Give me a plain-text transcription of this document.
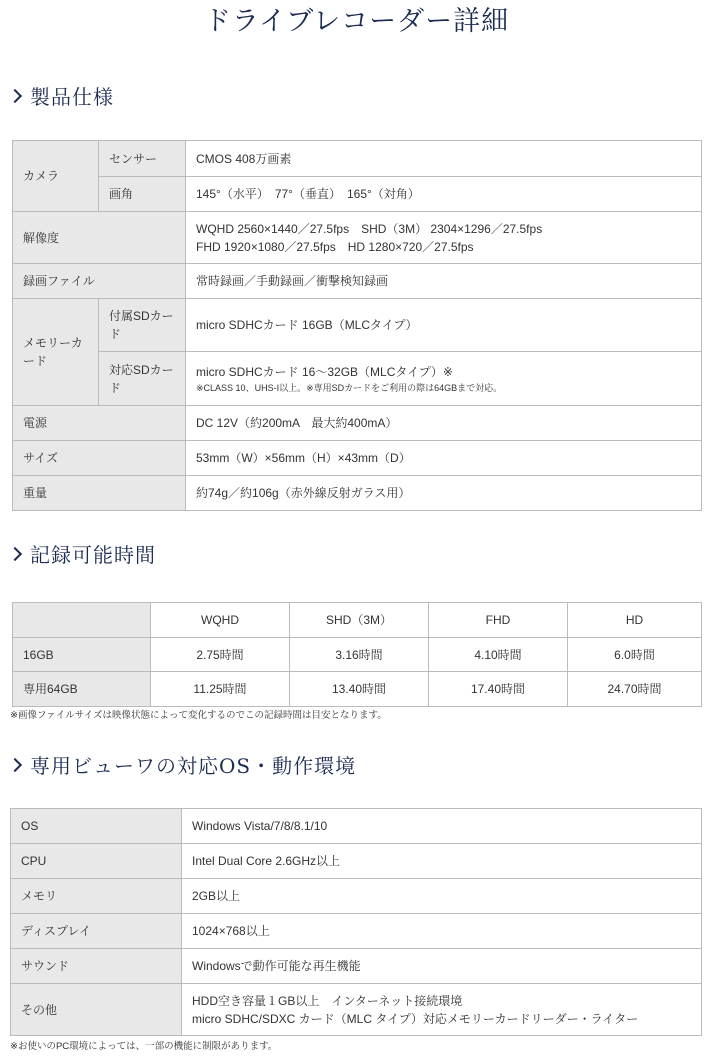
ドライブレコーダー詳細
製品仕様
カメラ	センサー	CMOS 408万画素
	画角	145°（水平）　77°（垂直）　165°（対角）
解像度		WQHD 2560×1440／27.5fps　SHD（3M） 2304×1296／27.5fps
FHD 1920×1080／27.5fps　HD 1280×720／27.5fps

録画ファイル		常時録画／手動録画／衝撃検知録画
メモリーカード	付属SDカード	micro SDHCカード 16GB（MLCタイプ）
	対応SDカード	micro SDHCカード 16～32GB（MLCタイプ）※
※CLASS 10、UHS-I以上。※専用SDカードをご利用の際は64GBまで対応。

電源		DC 12V（約200mA　最大約400mA）
サイズ		53mm（W）×56mm（H）×43mm（D）
重量		約74g／約106g（赤外線反射ガラス用）
記録可能時間
	WQHD	SHD（3M）	FHD	HD
16GB	2.75時間	3.16時間	4.10時間	6.0時間
専用64GB	11.25時間	13.40時間	17.40時間	24.70時間
※画像ファイルサイズは映像状態によって変化するのでこの記録時間は目安となります。
専用ビューワの対応OS・動作環境
OS	Windows Vista/7/8/8.1/10
CPU	Intel Dual Core 2.6GHz以上
メモリ	2GB以上
ディスプレイ	1024×768以上
サウンド	Windowsで動作可能な再生機能
その他	HDD空き容量１GB以上　インターネット接続環境
micro SDHC/SDXC カード（MLC タイプ）対応メモリーカードリーダー・ライター
※お使いのPC環境によっては、一部の機能に制限があります。
